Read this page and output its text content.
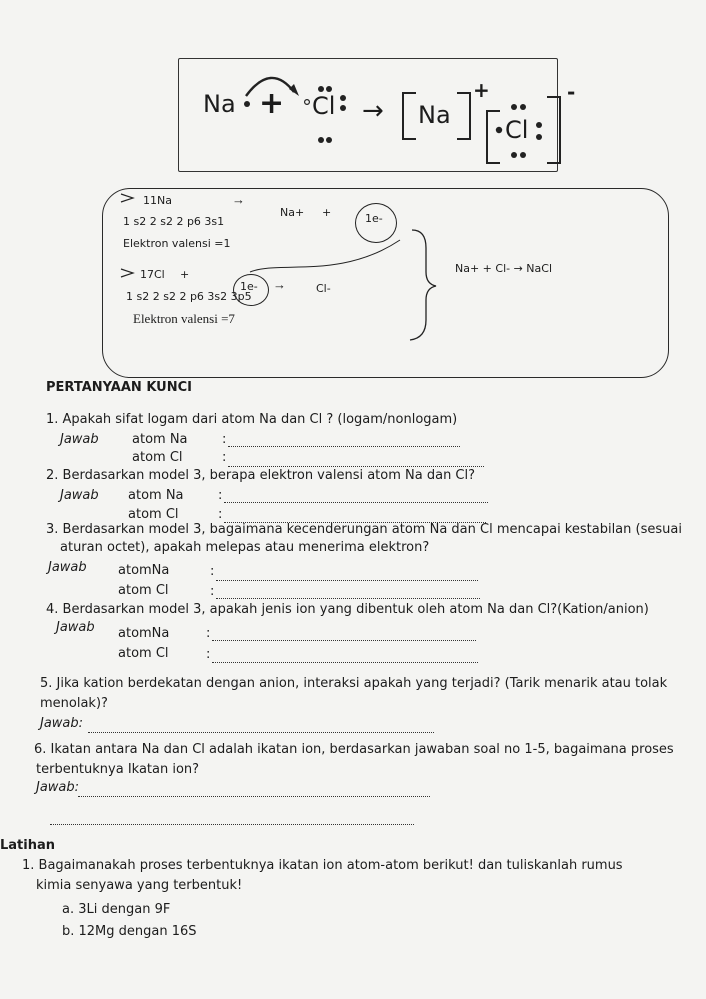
Na + Cl → Na
+
Cl
-
11Na	→
1 s2 2 s2 2 p6 3s1
Na+ +	1e-
Elektron valensi =1
17Cl +
1e- →	Cl-
1 s2 2 s2 2 p6 3s2 3p5
Elektron valensi =7
Na+ + Cl- → NaCl
PERTANYAAN KUNCI
1. Apakah sifat logam dari atom Na dan Cl ? (logam/nonlogam)
Jawab	atom Na	:
atom Cl	:
2. Berdasarkan model 3, berapa elektron valensi atom Na dan Cl?
Jawab atom Na	:
atom Cl	:
3. Berdasarkan model 3, bagaimana kecenderungan atom Na dan Cl mencapai kestabilan (sesuai
aturan octet), apakah melepas atau menerima elektron?
Jawab atomNa	:
atom Cl	:
4. Berdasarkan model 3, apakah jenis ion yang dibentuk oleh atom Na dan Cl?(Kation/anion)
Jawab atomNa	:
atom Cl	:
5. Jika kation berdekatan dengan anion, interaksi apakah yang terjadi? (Tarik menarik atau tolak
menolak)?
Jawab:
6. Ikatan antara Na dan Cl adalah ikatan ion, berdasarkan jawaban soal no 1-5, bagaimana proses
terbentuknya Ikatan ion?
Jawab:
Latihan
1. Bagaimanakah proses terbentuknya ikatan ion atom-atom berikut! dan tuliskanlah rumus
kimia senyawa yang terbentuk!
a. 3Li dengan 9F
b. 12Mg dengan 16S
